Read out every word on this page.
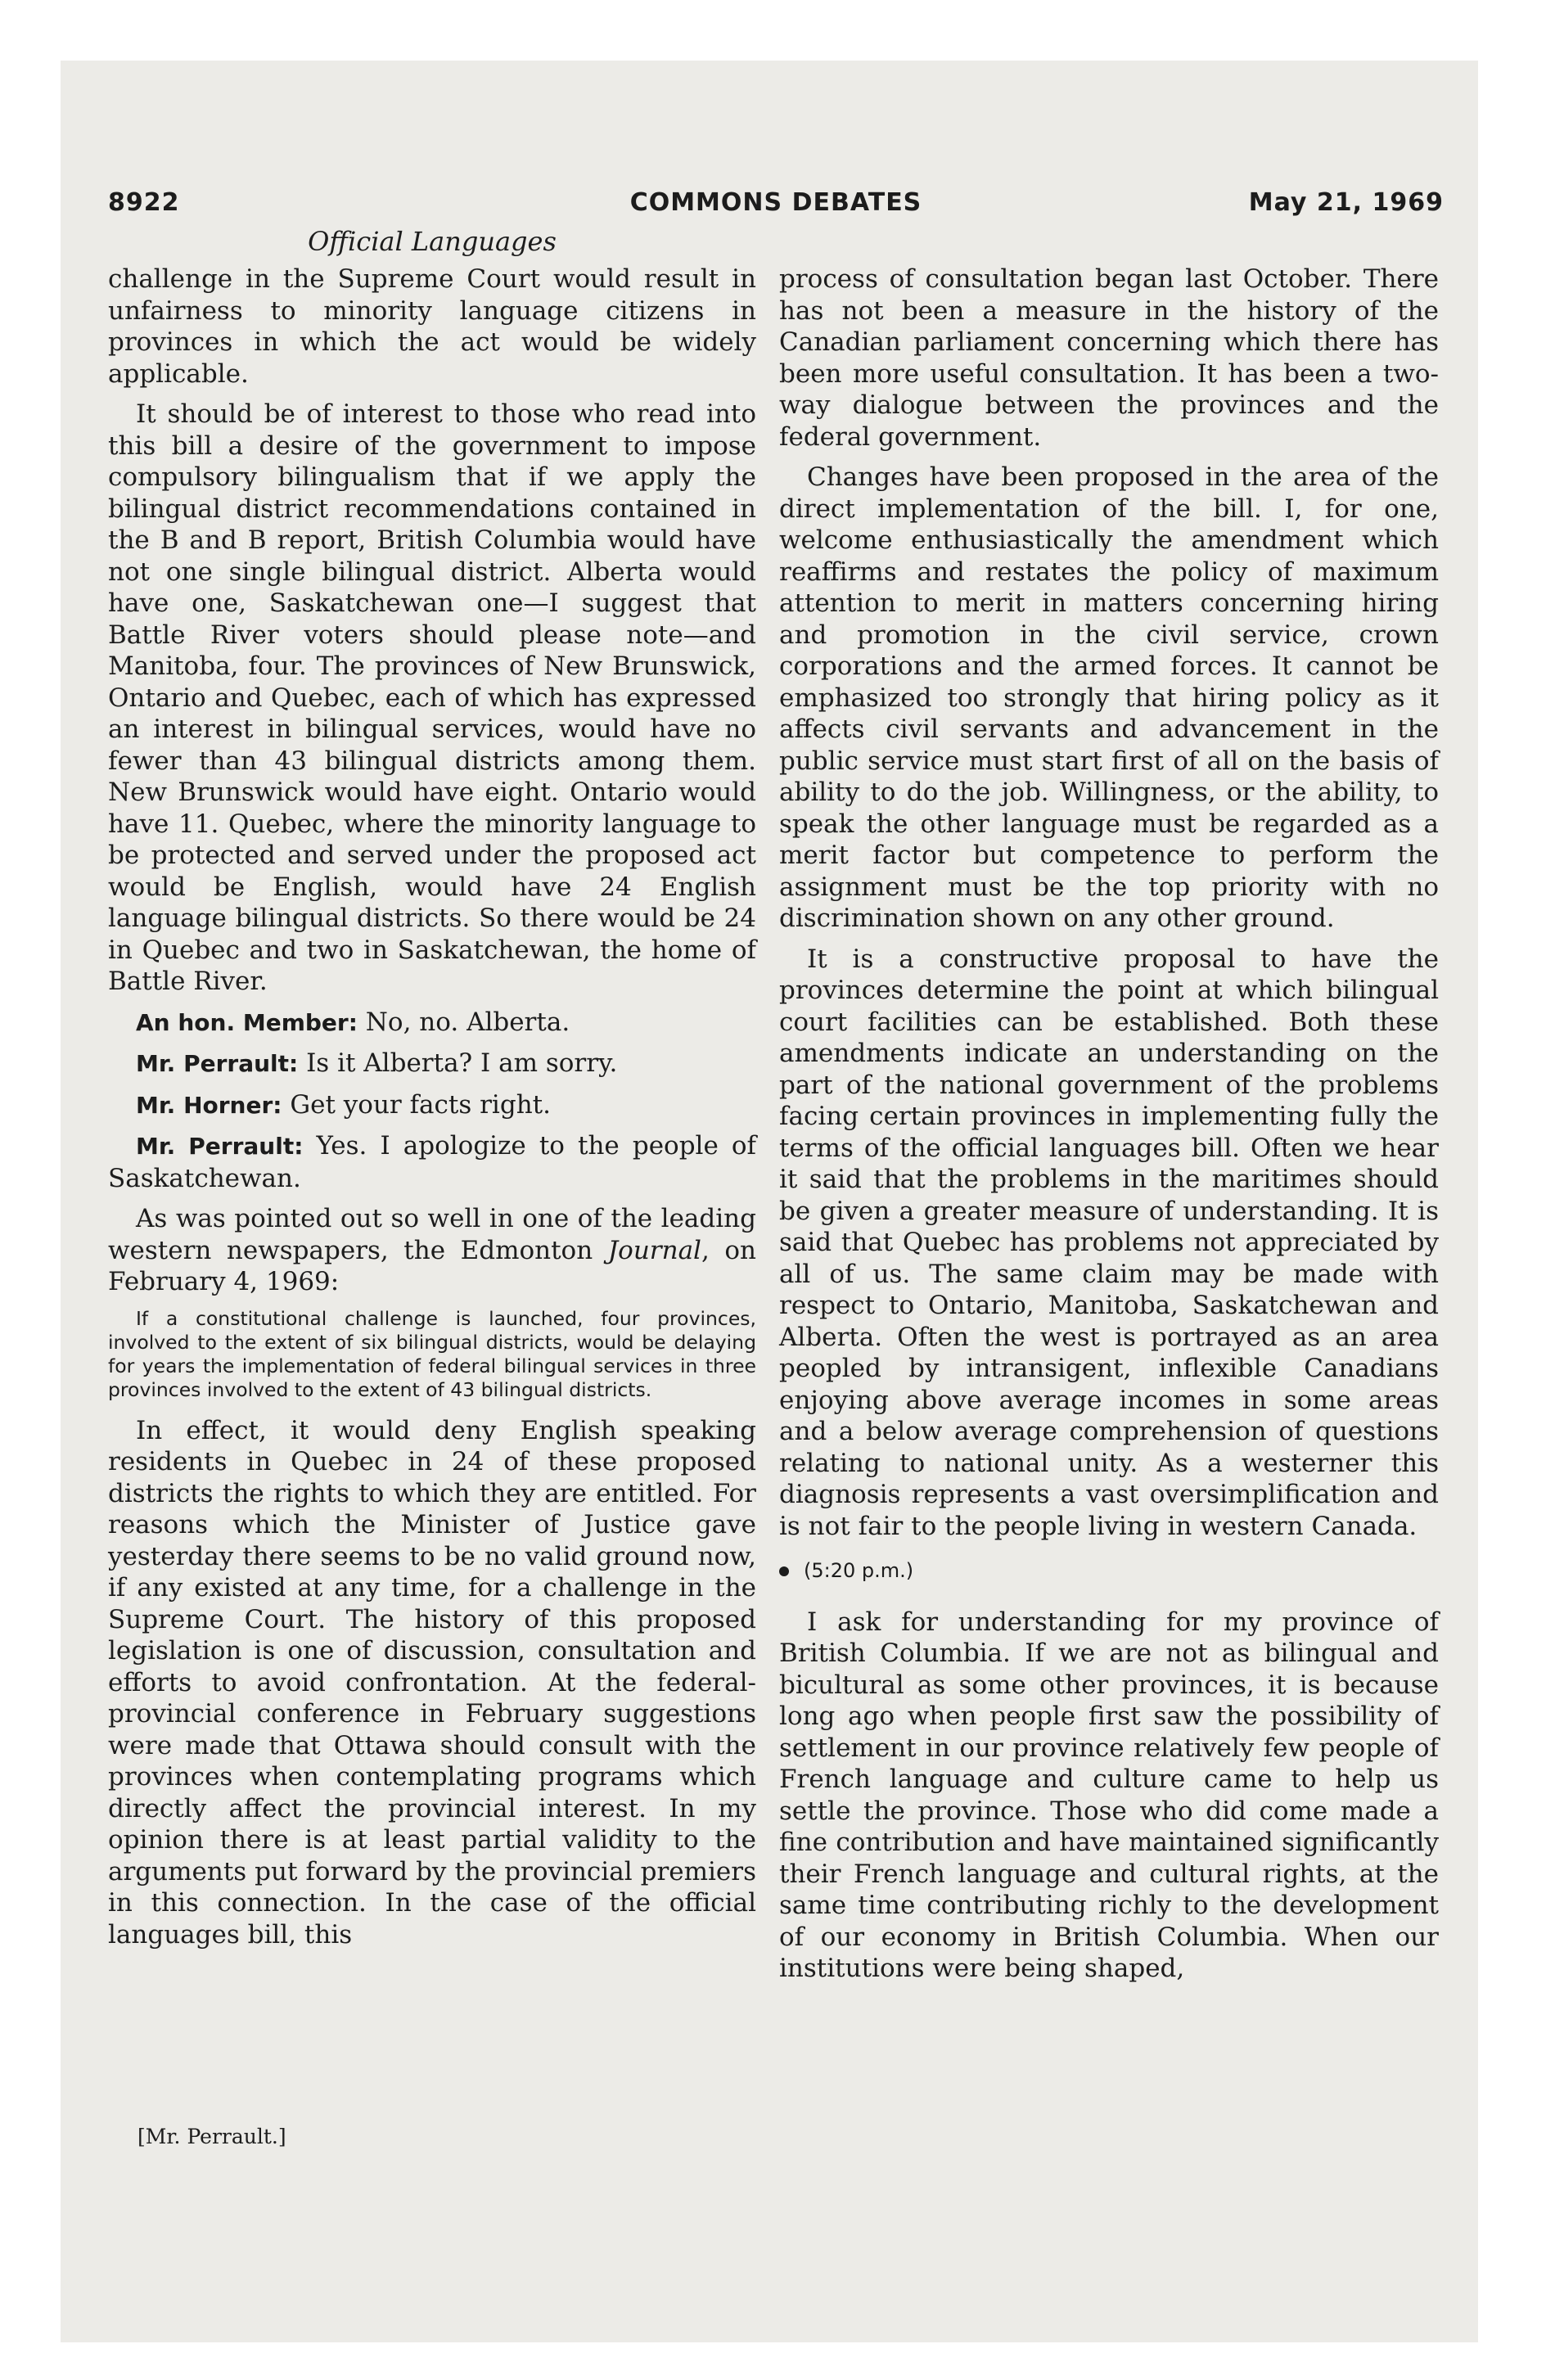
8922	COMMONS DEBATES	May 21, 1969
Official Languages

challenge in the Supreme Court would result in unfairness to minority language citizens in provinces in which the act would be widely applicable.

It should be of interest to those who read into this bill a desire of the government to impose compulsory bilingualism that if we apply the bilingual district recommendations contained in the B and B report, British Columbia would have not one single bilingual district. Alberta would have one, Saskatchewan one—I suggest that Battle River voters should please note—and Manitoba, four. The provinces of New Brunswick, Ontario and Quebec, each of which has expressed an interest in bilingual services, would have no fewer than 43 bilingual districts among them. New Brunswick would have eight. Ontario would have 11. Quebec, where the minority language to be protected and served under the proposed act would be English, would have 24 English language bilingual districts. So there would be 24 in Quebec and two in Saskatchewan, the home of Battle River.

An hon. Member: No, no. Alberta.

Mr. Perrault: Is it Alberta? I am sorry.

Mr. Horner: Get your facts right.

Mr. Perrault: Yes. I apologize to the people of Saskatchewan.

As was pointed out so well in one of the leading western newspapers, the Edmonton Journal, on February 4, 1969:

If a constitutional challenge is launched, four provinces, involved to the extent of six bilingual districts, would be delaying for years the implementation of federal bilingual services in three provinces involved to the extent of 43 bilingual districts.

In effect, it would deny English speaking residents in Quebec in 24 of these proposed districts the rights to which they are entitled. For reasons which the Minister of Justice gave yesterday there seems to be no valid ground now, if any existed at any time, for a challenge in the Supreme Court. The history of this proposed legislation is one of discussion, consultation and efforts to avoid confrontation. At the federal-provincial conference in February suggestions were made that Ottawa should consult with the provinces when contemplating programs which directly affect the provincial interest. In my opinion there is at least partial validity to the arguments put forward by the provincial premiers in this connection. In the case of the official languages bill, this

process of consultation began last October. There has not been a measure in the history of the Canadian parliament concerning which there has been more useful consultation. It has been a two-way dialogue between the provinces and the federal government.

Changes have been proposed in the area of the direct implementation of the bill. I, for one, welcome enthusiastically the amendment which reaffirms and restates the policy of maximum attention to merit in matters concerning hiring and promotion in the civil service, crown corporations and the armed forces. It cannot be emphasized too strongly that hiring policy as it affects civil servants and advancement in the public service must start first of all on the basis of ability to do the job. Willingness, or the ability, to speak the other language must be regarded as a merit factor but competence to perform the assignment must be the top priority with no discrimination shown on any other ground.

It is a constructive proposal to have the provinces determine the point at which bilingual court facilities can be established. Both these amendments indicate an understanding on the part of the national government of the problems facing certain provinces in implementing fully the terms of the official languages bill. Often we hear it said that the problems in the maritimes should be given a greater measure of understanding. It is said that Quebec has problems not appreciated by all of us. The same claim may be made with respect to Ontario, Manitoba, Saskatchewan and Alberta. Often the west is portrayed as an area peopled by intransigent, inflexible Canadians enjoying above average incomes in some areas and a below average comprehension of questions relating to national unity. As a westerner this diagnosis represents a vast oversimplification and is not fair to the people living in western Canada.

(5:20 p.m.)

I ask for understanding for my province of British Columbia. If we are not as bilingual and bicultural as some other provinces, it is because long ago when people first saw the possibility of settlement in our province relatively few people of French language and culture came to help us settle the province. Those who did come made a fine contribution and have maintained significantly their French language and cultural rights, at the same time contributing richly to the development of our economy in British Columbia. When our institutions were being shaped,

[Mr. Perrault.]
